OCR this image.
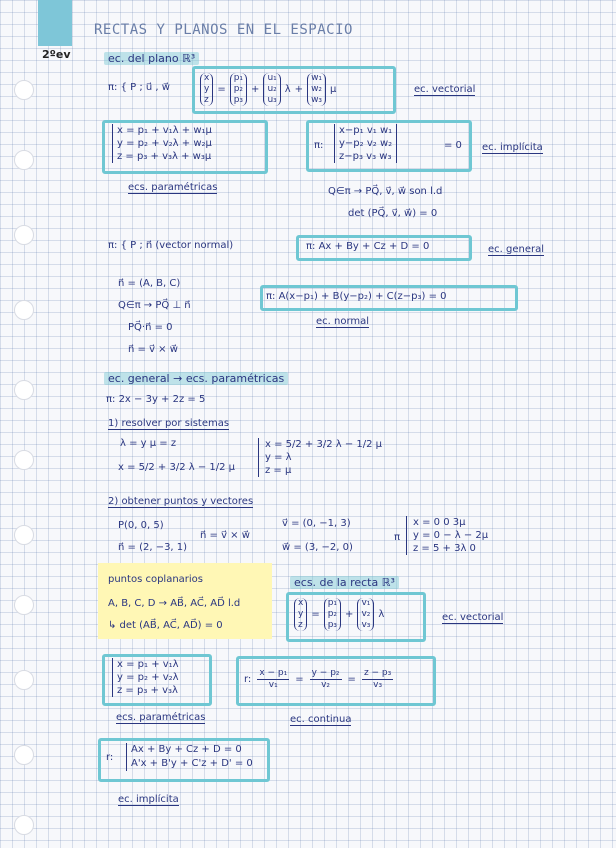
2ºev
RECTAS Y PLANOS EN EL ESPACIO
ec. del plano ℝ³
π: { P ; u⃗ , w⃗
x
y
z
=
p₁
p₂
p₃
+
u₁
u₂
u₃
λ +
w₁
w₂
w₃
μ	ec. vectorial
x = p₁ + v₁λ + w₁μ
y = p₂ + v₂λ + w₂μ
z = p₃ + v₃λ + w₃μ
ecs. paramétricas
π:
x−p₁ v₁ w₁
y−p₂ v₂ w₂
z−p₃ v₃ w₃
= 0 ec. implícita
Q∈π → PQ⃗, v⃗, w⃗ son l.d
det (PQ⃗, v⃗, w⃗) = 0
π: { P ; n⃗ (vector normal)	π: Ax + By + Cz + D = 0	ec. general
n⃗ = (A, B, C)
π: A(x−p₁) + B(y−p₂) + C(z−p₃) = 0
Q∈π → PQ⃗ ⊥ n⃗
ec. normal
PQ⃗·n⃗ = 0
n⃗ = v⃗ × w⃗
ec. general → ecs. paramétricas
π: 2x − 3y + 2z = 5
1) resolver por sistemas
λ = y μ = z
x = 5/2 + 3/2 λ − 1/2 μ
x = 5/2 + 3/2 λ − 1/2 μ
y = λ
z = μ
2) obtener puntos y vectores
P(0, 0, 5)
n⃗ = v⃗ × w⃗
n⃗ = (2, −3, 1)
v⃗ = (0, −1, 3)
w⃗ = (3, −2, 0)
π
x = 0 0 3μ
y = 0 − λ − 2μ
z = 5 + 3λ 0
puntos coplanarios
A, B, C, D → AB⃗, AC⃗, AD⃗ l.d
↳ det (AB⃗, AC⃗, AD⃗) = 0
ecs. de la recta ℝ³
x
y
z
=
p₁
p₂
p₃
+
v₁
v₂
v₃
λ	ec. vectorial
x = p₁ + v₁λ
y = p₂ + v₂λ
z = p₃ + v₃λ
ecs. paramétricas
r: $\frac{\text{x − p₁}}{\text{v₁}} = \frac{\text{y − p₂}}{\text{v₂}} = \frac{\text{z − p₃}}{\text{v₃}}$
ec. continua
r:
Ax + By + Cz + D = 0
A'x + B'y + C'z + D' = 0
ec. implícita
